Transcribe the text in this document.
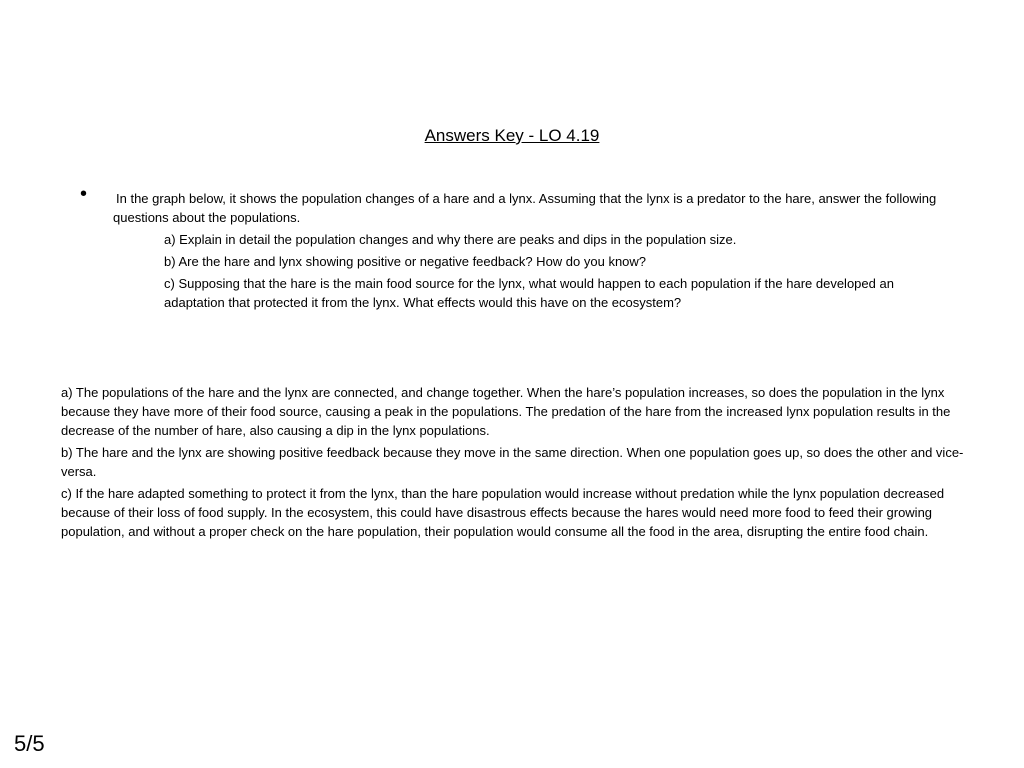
Answers Key - LO 4.19
• In the graph below, it shows the population changes of a hare and a lynx. Assuming that the lynx is a predator to the hare, answer the following questions about the populations.

a) Explain in detail the population changes and why there are peaks and dips in the population size.

b) Are the hare and lynx showing positive or negative feedback? How do you know?

c) Supposing that the hare is the main food source for the lynx, what would happen to each population if the hare developed an adaptation that protected it from the lynx. What effects would this have on the ecosystem?

a) The populations of the hare and the lynx are connected, and change together. When the hare’s population increases, so does the population in the lynx because they have more of their food source, causing a peak in the populations. The predation of the hare from the increased lynx population results in the decrease of the number of hare, also causing a dip in the lynx populations.

b) The hare and the lynx are showing positive feedback because they move in the same direction. When one population goes up, so does the other and vice-versa.

c) If the hare adapted something to protect it from the lynx, than the hare population would increase without predation while the lynx population decreased because of their loss of food supply. In the ecosystem, this could have disastrous effects because the hares would need more food to feed their growing population, and without a proper check on the hare population, their population would consume all the food in the area, disrupting the entire food chain.

5/5
